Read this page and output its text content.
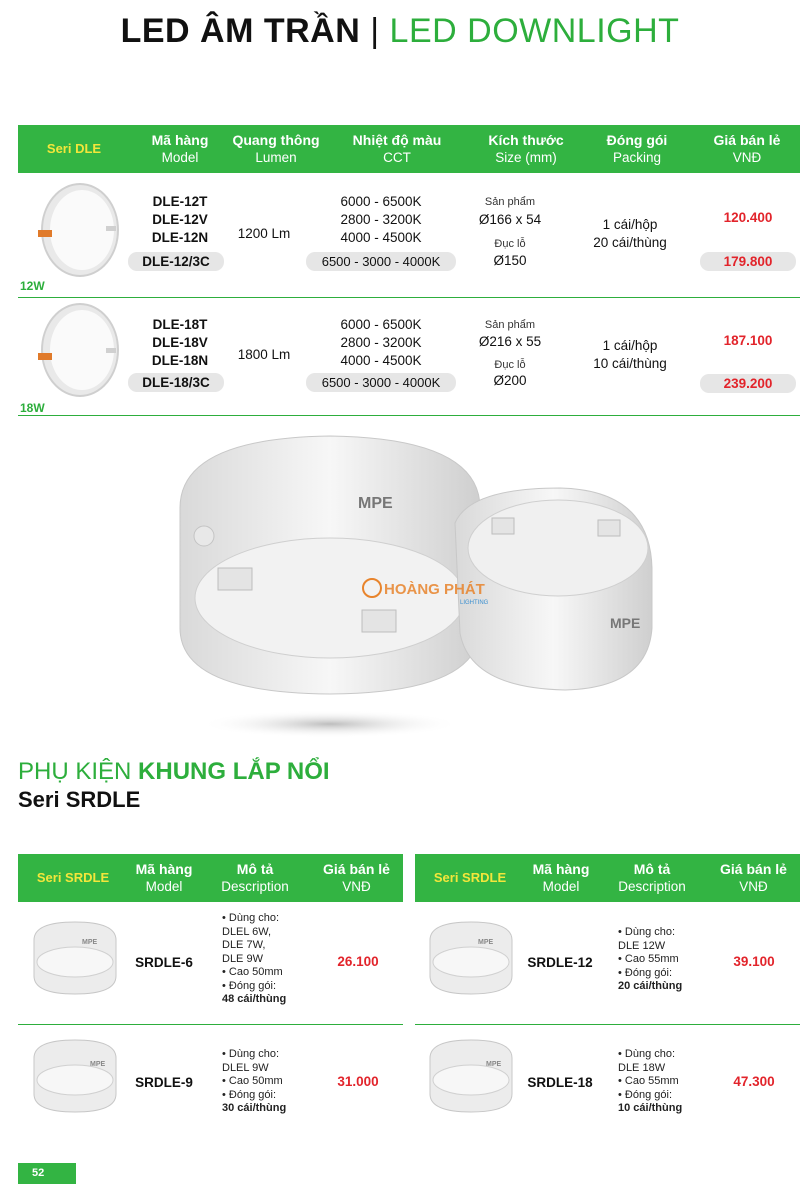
LED ÂM TRẦN | LED DOWNLIGHT
Seri DLE
Mã hàng
Model
Quang thông
Lumen
Nhiệt độ màu
CCT
Kích thước
Size (mm)
Đóng gói
Packing
Giá bán lẻ
VNĐ
12W
DLE-12T
DLE-12V
DLE-12N
DLE-12/3C
1200 Lm
6000 - 6500K
2800 - 3200K
4000 - 4500K
6500 - 3000 - 4000K
Sản phẩm
Ø166 x 54
Đục lỗ
Ø150
1 cái/hộp
20 cái/thùng
120.400
179.800
18W
DLE-18T
DLE-18V
DLE-18N
DLE-18/3C
1800 Lm
6000 - 6500K
2800 - 3200K
4000 - 4500K
6500 - 3000 - 4000K
Sản phẩm
Ø216 x 55
Đục lỗ
Ø200
1 cái/hộp
10 cái/thùng
187.100
239.200
MPE
MPE
HOÀNG PHÁT
LIGHTING
PHỤ KIỆN KHUNG LẮP NỔI
Seri SRDLE
Seri SRDLE
Mã hàng
Model
Mô tả
Description
Giá bán lẻ
VNĐ
Seri SRDLE
Mã hàng
Model
Mô tả
Description
Giá bán lẻ
VNĐ
MPE
SRDLE-6
• Dùng cho:
DLEL 6W,
DLE 7W,
DLE 9W
• Cao 50mm
• Đóng gói:
48 cái/thùng
26.100
MPE
SRDLE-9
• Dùng cho:
DLEL 9W
• Cao 50mm
• Đóng gói:
30 cái/thùng
31.000
MPE
SRDLE-12
• Dùng cho:
DLE 12W
• Cao 55mm
• Đóng gói:
20 cái/thùng
39.100
MPE
SRDLE-18
• Dùng cho:
DLE 18W
• Cao 55mm
• Đóng gói:
10 cái/thùng
47.300
52
